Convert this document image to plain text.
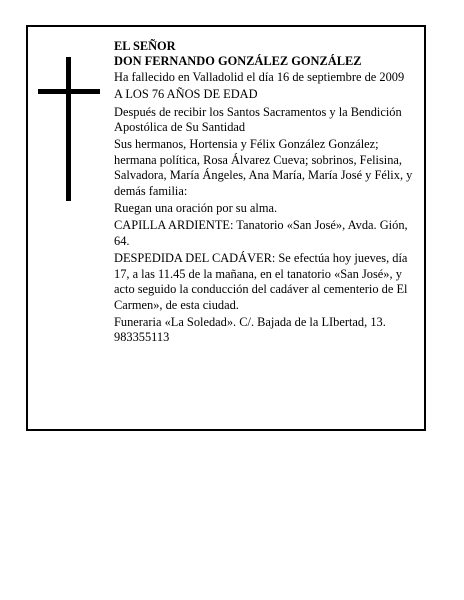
EL SEÑOR

DON FERNANDO GONZÁLEZ GONZÁLEZ

Ha fallecido en Valladolid el día 16 de septiembre de 2009

A LOS 76 AÑOS DE EDAD

Después de recibir los Santos Sacramentos y la Bendición Apostólica de Su Santidad

Sus hermanos, Hortensia y Félix González González; hermana política, Rosa Álvarez Cueva; sobrinos, Felisina, Salvadora, María Ángeles, Ana María, María José y Félix, y demás familia:

Ruegan una oración por su alma.

CAPILLA ARDIENTE: Tanatorio «San José», Avda. Gión, 64.

DESPEDIDA DEL CADÁVER: Se efectúa hoy jueves, día 17, a las 11.45 de la mañana, en el tanatorio «San José», y acto seguido la conducción del cadáver al cementerio de El Carmen», de esta ciudad.

Funeraria «La Soledad». C/. Bajada de la LIbertad, 13. 983355113
